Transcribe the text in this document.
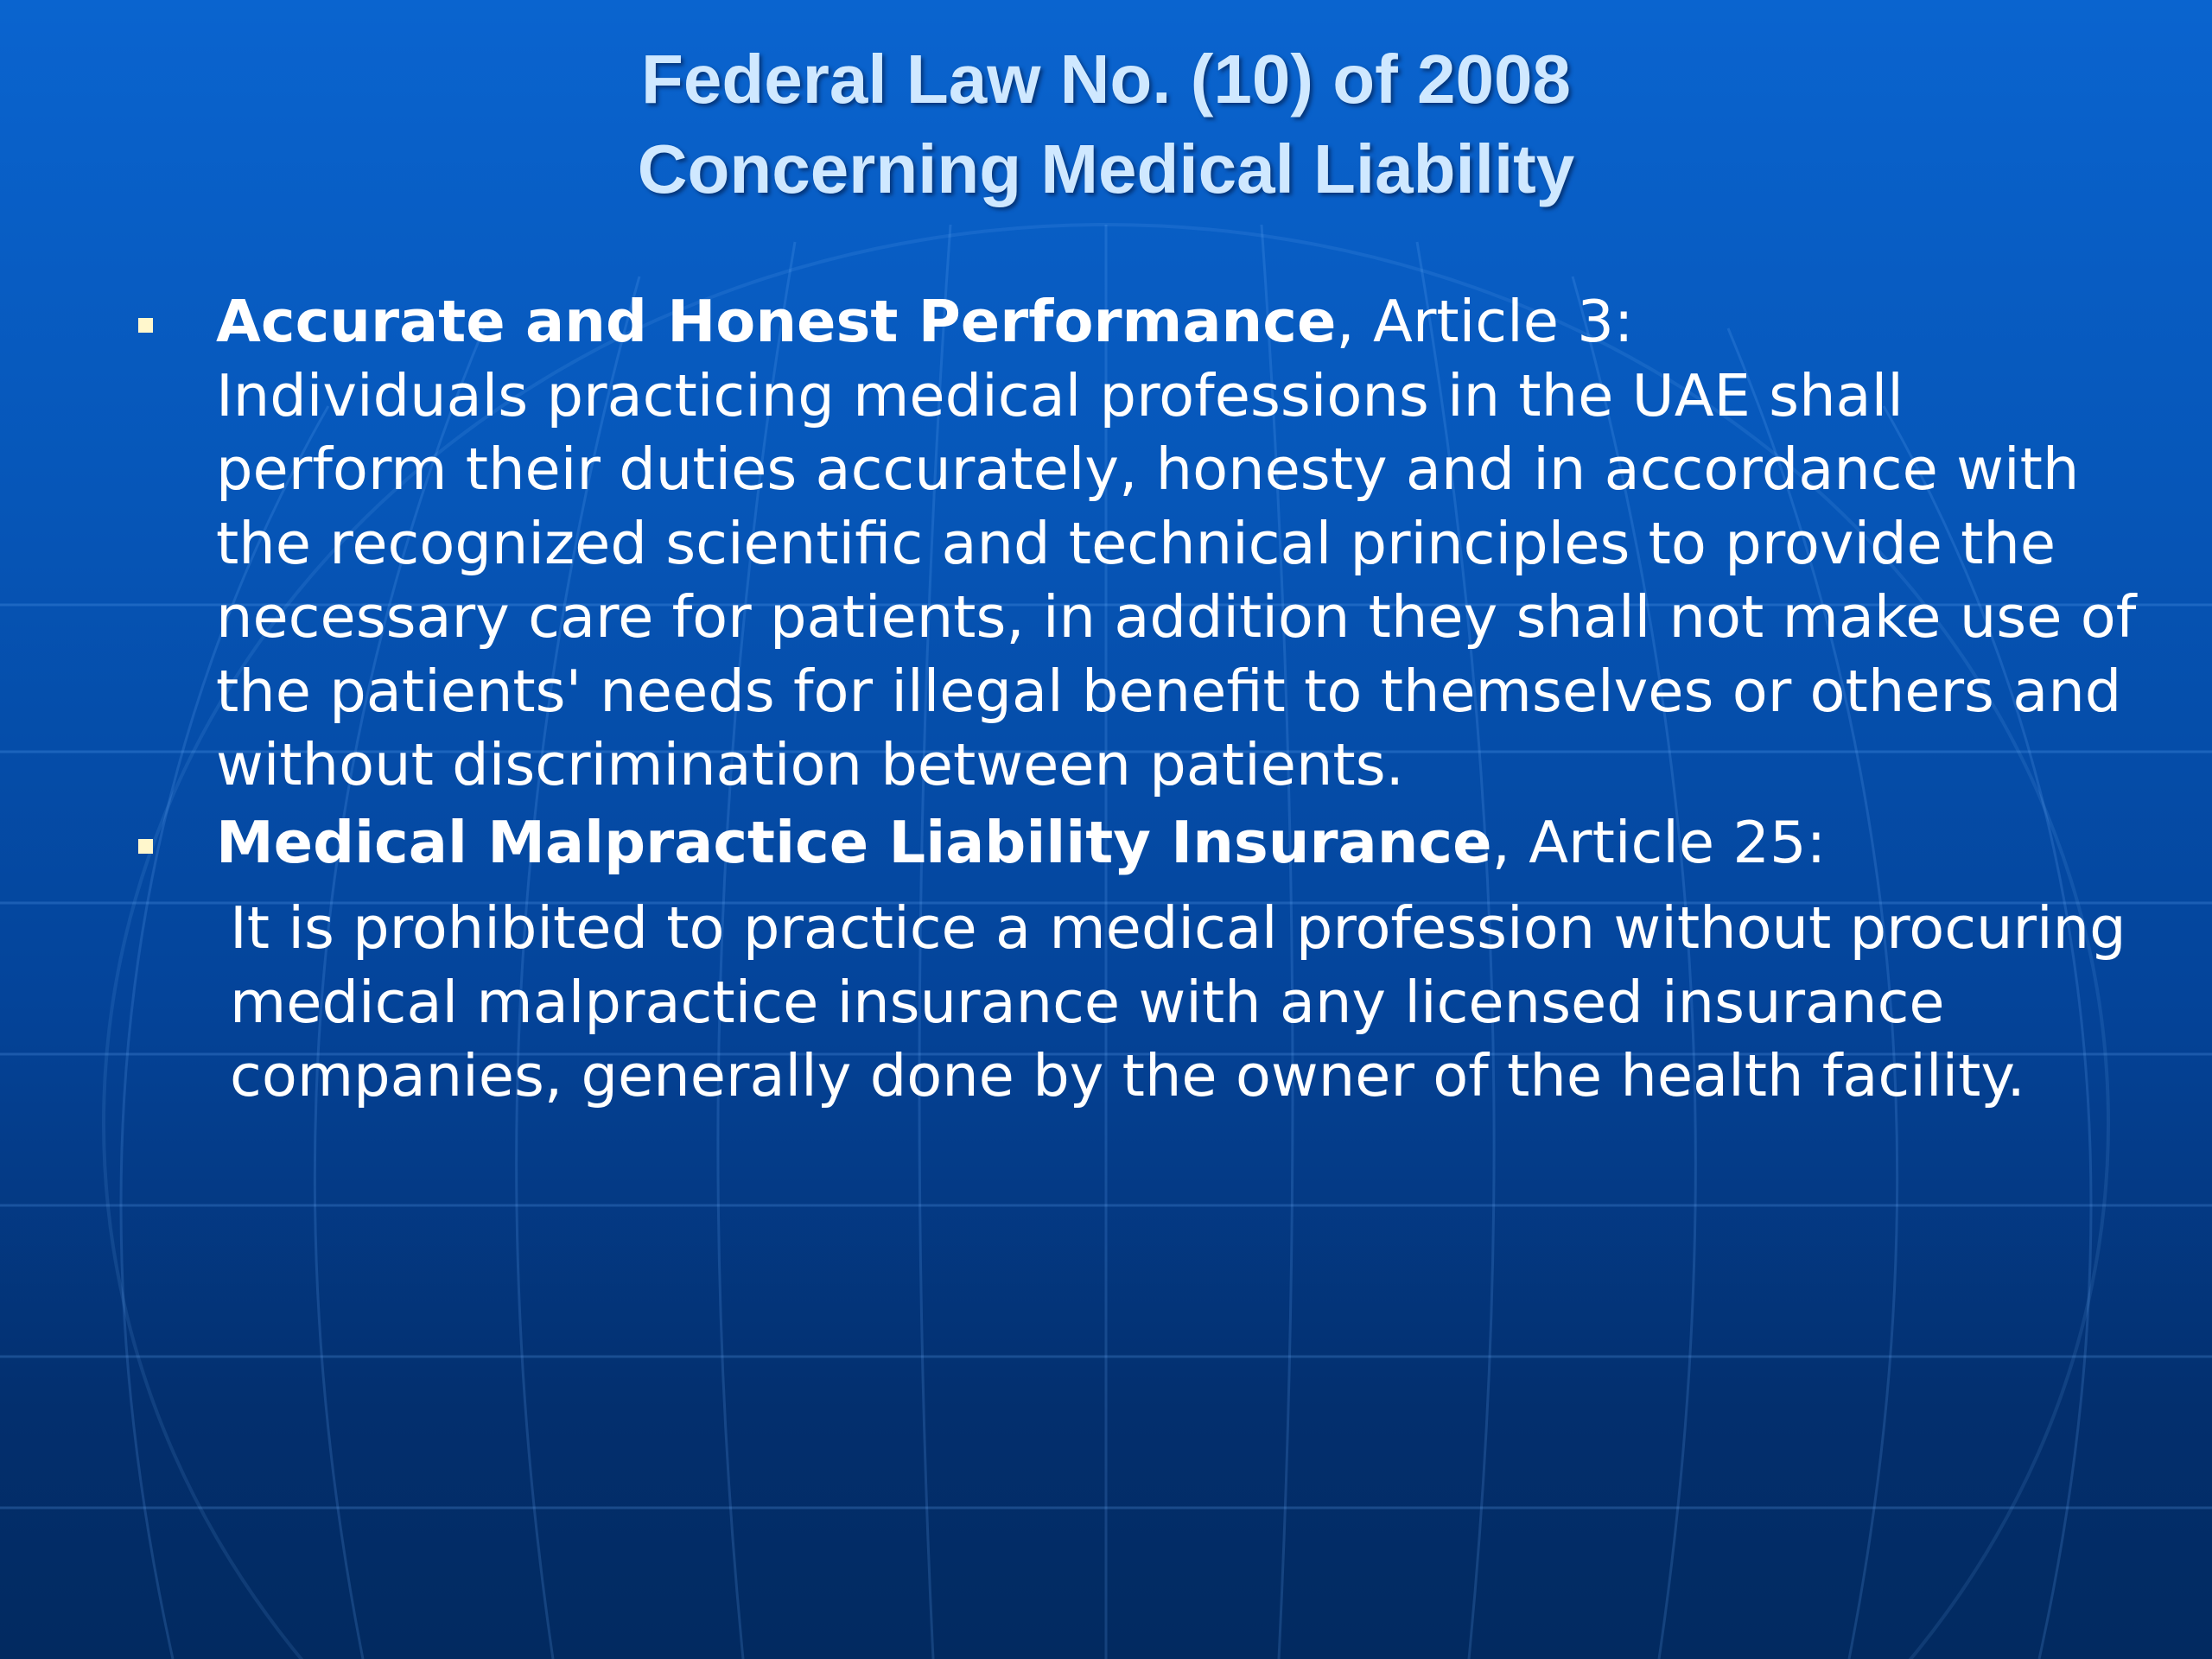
Federal Law No. (10) of 2008
Concerning Medical Liability
Accurate and Honest Performance, Article 3:
Individuals practicing medical professions in the UAE shall perform their duties accurately, honesty and in accordance with the recognized scientific and technical principles to provide the necessary care for patients, in addition they shall not make use of the patients' needs for illegal benefit to themselves or others and without discrimination between patients.
Medical Malpractice Liability Insurance, Article 25:
It is prohibited to practice a medical profession without procuring medical malpractice insurance with any licensed insurance companies, generally done by the owner of the health facility.
